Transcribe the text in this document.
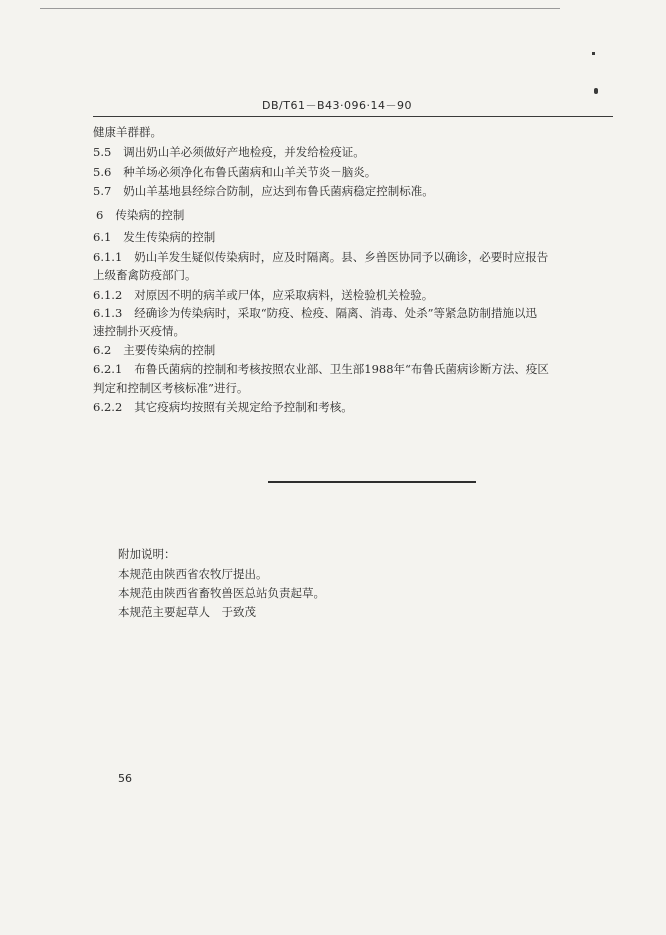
DB/T61－B43·096·14－90
健康羊群群。
5.5 调出奶山羊必须做好产地检疫，并发给检疫证。
5.6 种羊场必须净化布鲁氏菌病和山羊关节炎－脑炎。
5.7 奶山羊基地县经综合防制，应达到布鲁氏菌病稳定控制标准。
6 传染病的控制
6.1 发生传染病的控制
6.1.1 奶山羊发生疑似传染病时，应及时隔离。县、乡兽医协同予以确诊，必要时应报告
上级畜禽防疫部门。
6.1.2 对原因不明的病羊或尸体，应采取病料，送检验机关检验。
6.1.3 经确诊为传染病时，采取“防疫、检疫、隔离、消毒、处杀”等紧急防制措施以迅
速控制扑灭疫情。
6.2 主要传染病的控制
6.2.1 布鲁氏菌病的控制和考核按照农业部、卫生部1988年“布鲁氏菌病诊断方法、疫区
判定和控制区考核标准”进行。
6.2.2 其它疫病均按照有关规定给予控制和考核。
附加说明：
本规范由陕西省农牧厅提出。
本规范由陕西省畜牧兽医总站负责起草。
本规范主要起草人　于致茂
56
